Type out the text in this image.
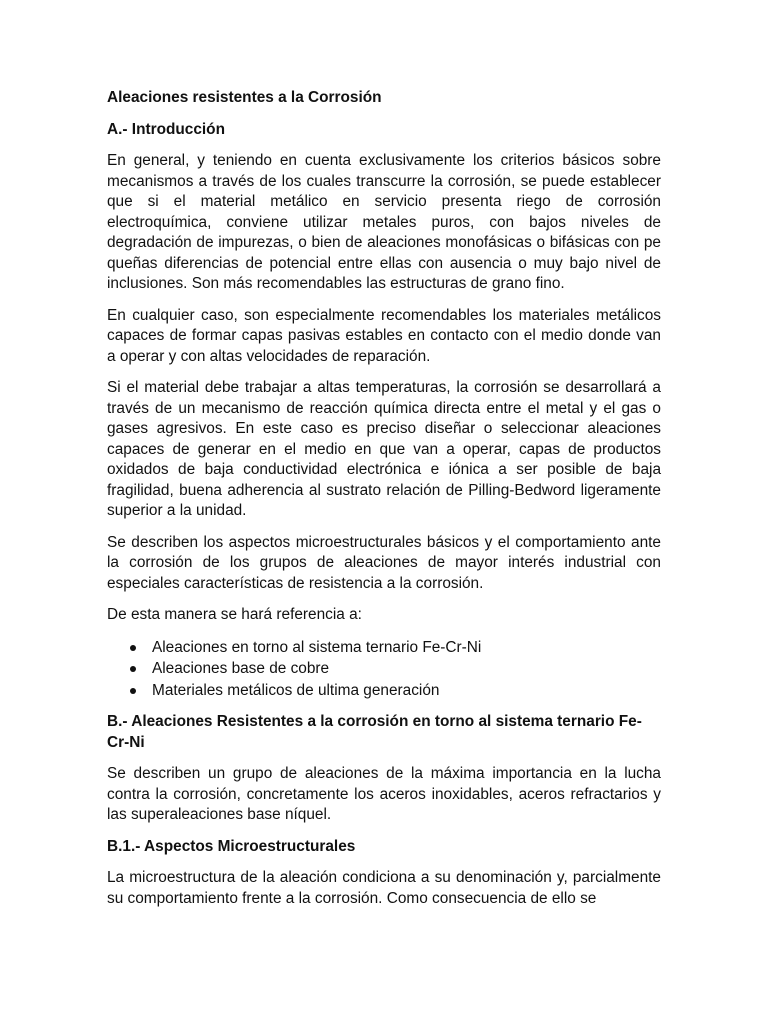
Aleaciones resistentes a la Corrosión

A.- Introducción

En general, y teniendo en cuenta exclusivamente los criterios básicos sobre mecanismos a través de los cuales transcurre la corrosión, se puede establecer que si el material metálico en servicio presenta riego de corrosión electroquímica, conviene utilizar metales puros, con bajos niveles de degradación de impurezas, o bien de aleaciones monofásicas o bifásicas con pe queñas diferencias de potencial entre ellas con ausencia o muy bajo nivel de inclusiones. Son más recomendables las estructuras de grano fino.

En cualquier caso, son especialmente recomendables los materiales metálicos capaces de formar capas pasivas estables en contacto con el medio donde van a operar y con altas velocidades de reparación.

Si el material debe trabajar a altas temperaturas, la corrosión se desarrollará a través de un mecanismo de reacción química directa entre el metal y el gas o gases agresivos. En este caso es preciso diseñar o seleccionar aleaciones capaces de generar en el medio en que van a operar, capas de productos oxidados de baja conductividad electrónica e iónica a ser posible de baja fragilidad, buena adherencia al sustrato relación de Pilling-Bedword ligeramente superior a la unidad.

Se describen los aspectos microestructurales básicos y el comportamiento ante la corrosión de los grupos de aleaciones de mayor interés industrial con especiales características de resistencia a la corrosión.

De esta manera se hará referencia a:

Aleaciones en torno al sistema ternario Fe-Cr-Ni
Aleaciones base de cobre
Materiales metálicos de ultima generación

B.- Aleaciones Resistentes a la corrosión en torno al sistema ternario Fe-Cr-Ni

Se describen un grupo de aleaciones de la máxima importancia en la lucha contra la corrosión, concretamente los aceros inoxidables, aceros refractarios y las superaleaciones base níquel.

B.1.- Aspectos Microestructurales

La microestructura de la aleación condiciona a su denominación y, parcialmente su comportamiento frente a la corrosión. Como consecuencia de ello se
